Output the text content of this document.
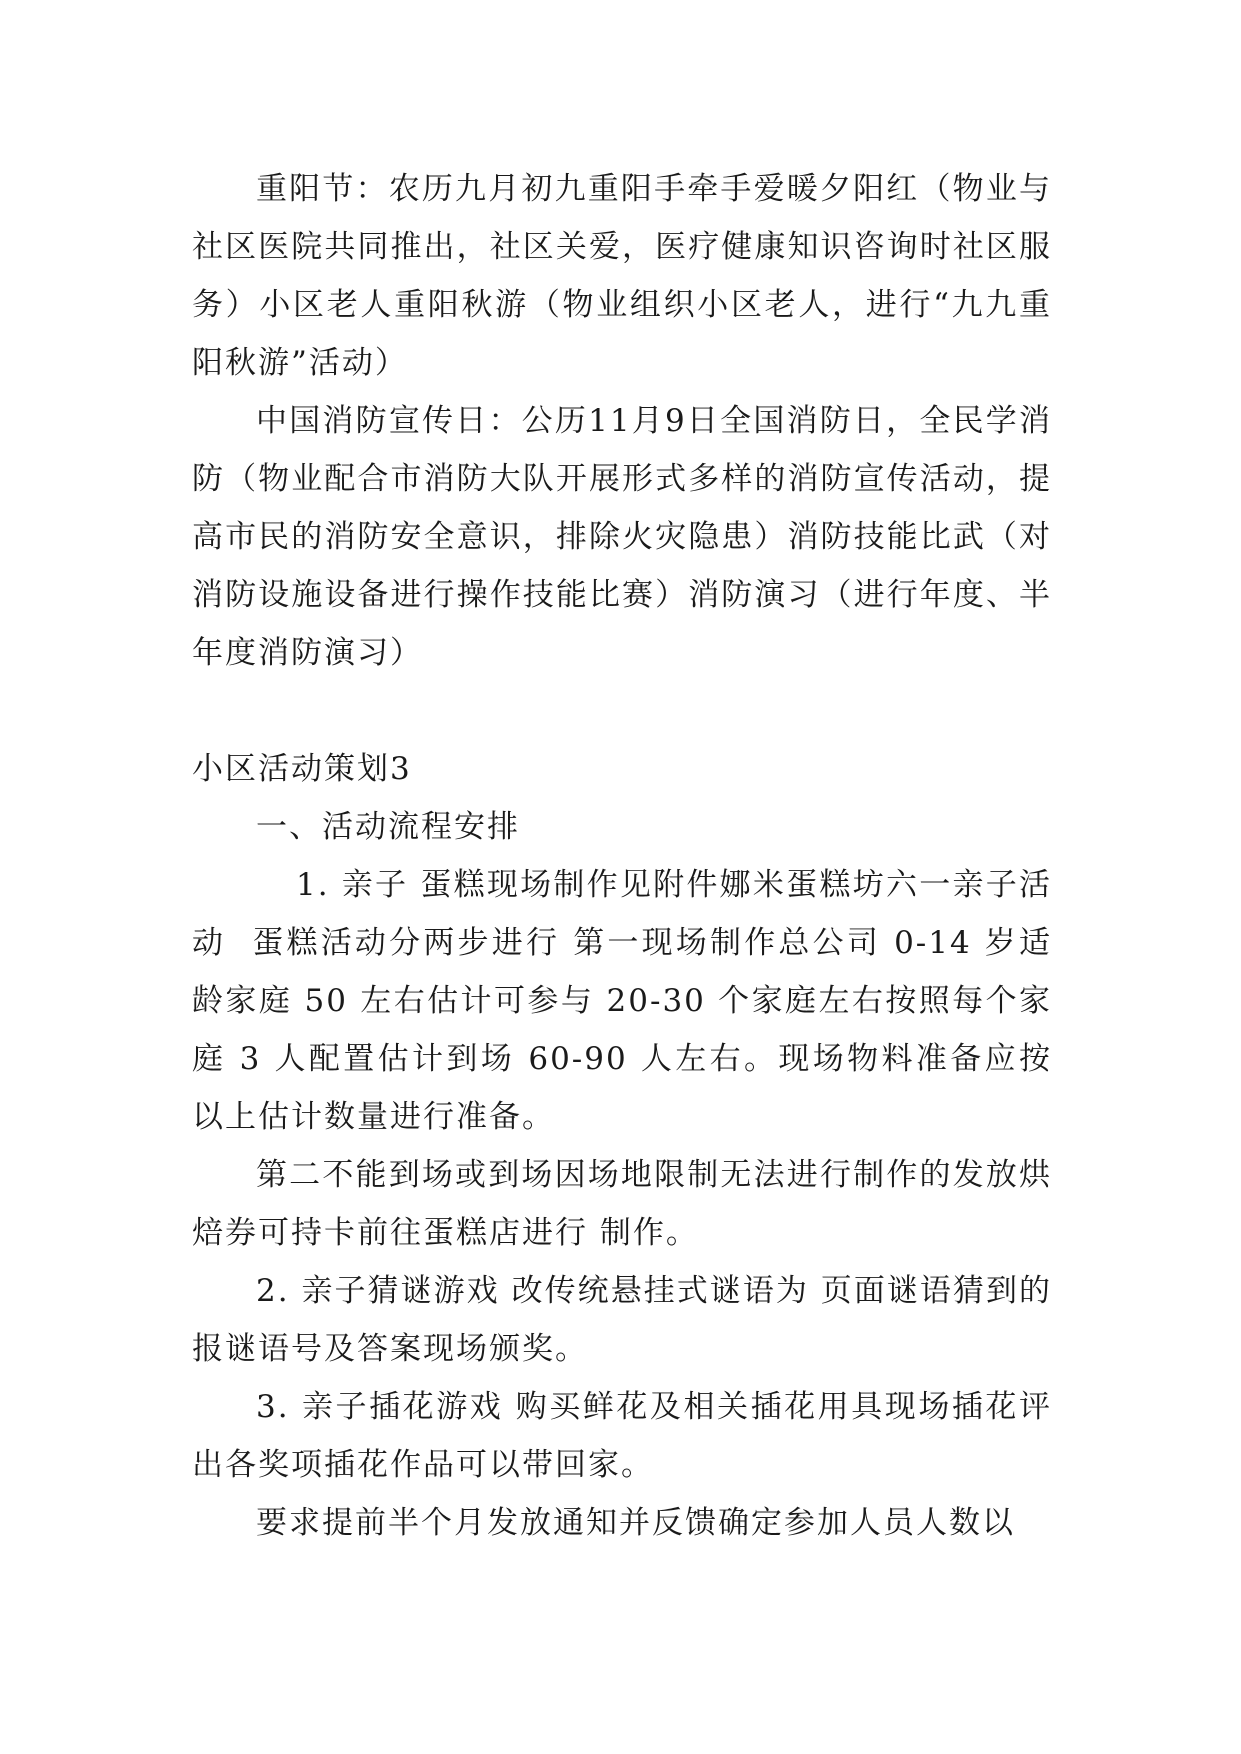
重阳节：农历九月初九重阳手牵手爱暖夕阳红（物业与社区医院共同推出，社区关爱，医疗健康知识咨询时社区服务）小区老人重阳秋游（物业组织小区老人，进行“九九重阳秋游”活动）

中国消防宣传日：公历11月9日全国消防日，全民学消防（物业配合市消防大队开展形式多样的消防宣传活动，提高市民的消防安全意识，排除火灾隐患）消防技能比武（对消防设施设备进行操作技能比赛）消防演习（进行年度、半年度消防演习）

小区活动策划3

一、活动流程安排

1. 亲子 蛋糕现场制作见附件娜米蛋糕坊六一亲子活动  蛋糕活动分两步进行 第一现场制作总公司 0-14 岁适龄家庭 50 左右估计可参与 20-30 个家庭左右按照每个家庭 3 人配置估计到场 60-90 人左右。现场物料准备应按以上估计数量进行准备。

第二不能到场或到场因场地限制无法进行制作的发放烘焙券可持卡前往蛋糕店进行 制作。

2. 亲子猜谜游戏 改传统悬挂式谜语为 页面谜语猜到的报谜语号及答案现场颁奖。

3. 亲子插花游戏 购买鲜花及相关插花用具现场插花评出各奖项插花作品可以带回家。

要求提前半个月发放通知并反馈确定参加人员人数以
